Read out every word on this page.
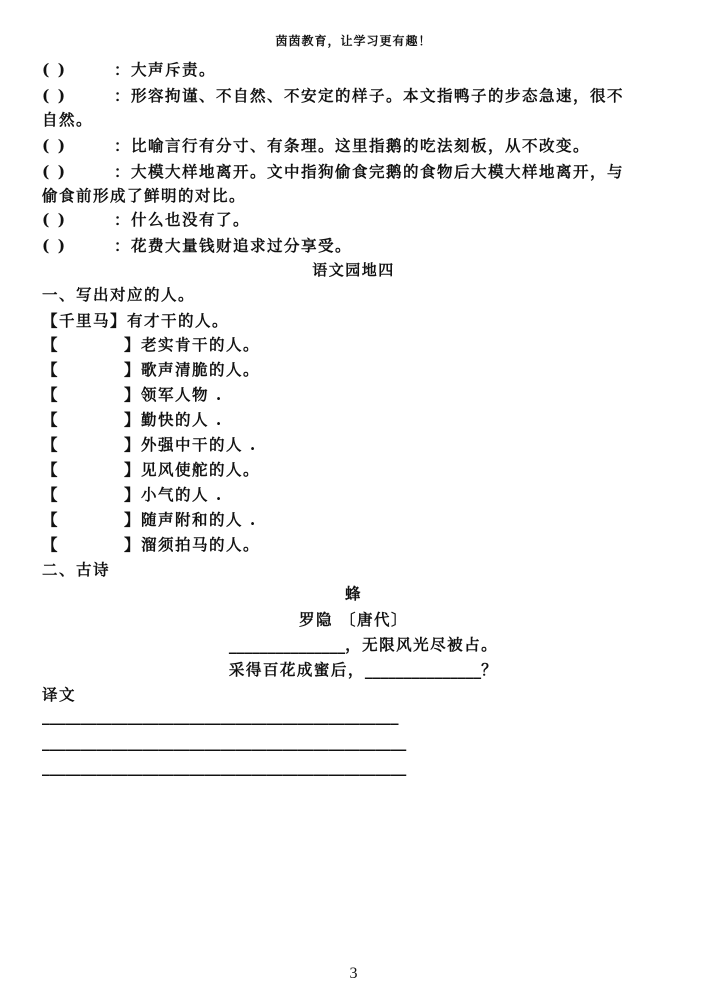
茵茵教育，让学习更有趣！
( )	：大声斥责。
( )	：形容拘谨、不自然、不安定的样子。本文指鸭子的步态急速，很不
自然。
( )	：比喻言行有分寸、有条理。这里指鹅的吃法刻板，从不改变。
( )	：大模大样地离开。文中指狗偷食完鹅的食物后大模大样地离开，与
偷食前形成了鲜明的对比。
( )	：什么也没有了。
( )	：花费大量钱财追求过分享受。
语文园地四
一、写出对应的人。
【千里马】有才干的人。
【	】老实肯干的人。
【	】歌声清脆的人。
【	】领军人物 .
【	】勤快的人 .
【	】外强中干的人 .
【	】见风使舵的人。
【	】小气的人 .
【	】随声附和的人 .
【	】溜须拍马的人。
二、古诗
蜂
罗隐 〔唐代〕
_______________，无限风光尽被占。
采得百花成蜜后，_______________？
译文
______________________________________________
_______________________________________________
_______________________________________________
3
